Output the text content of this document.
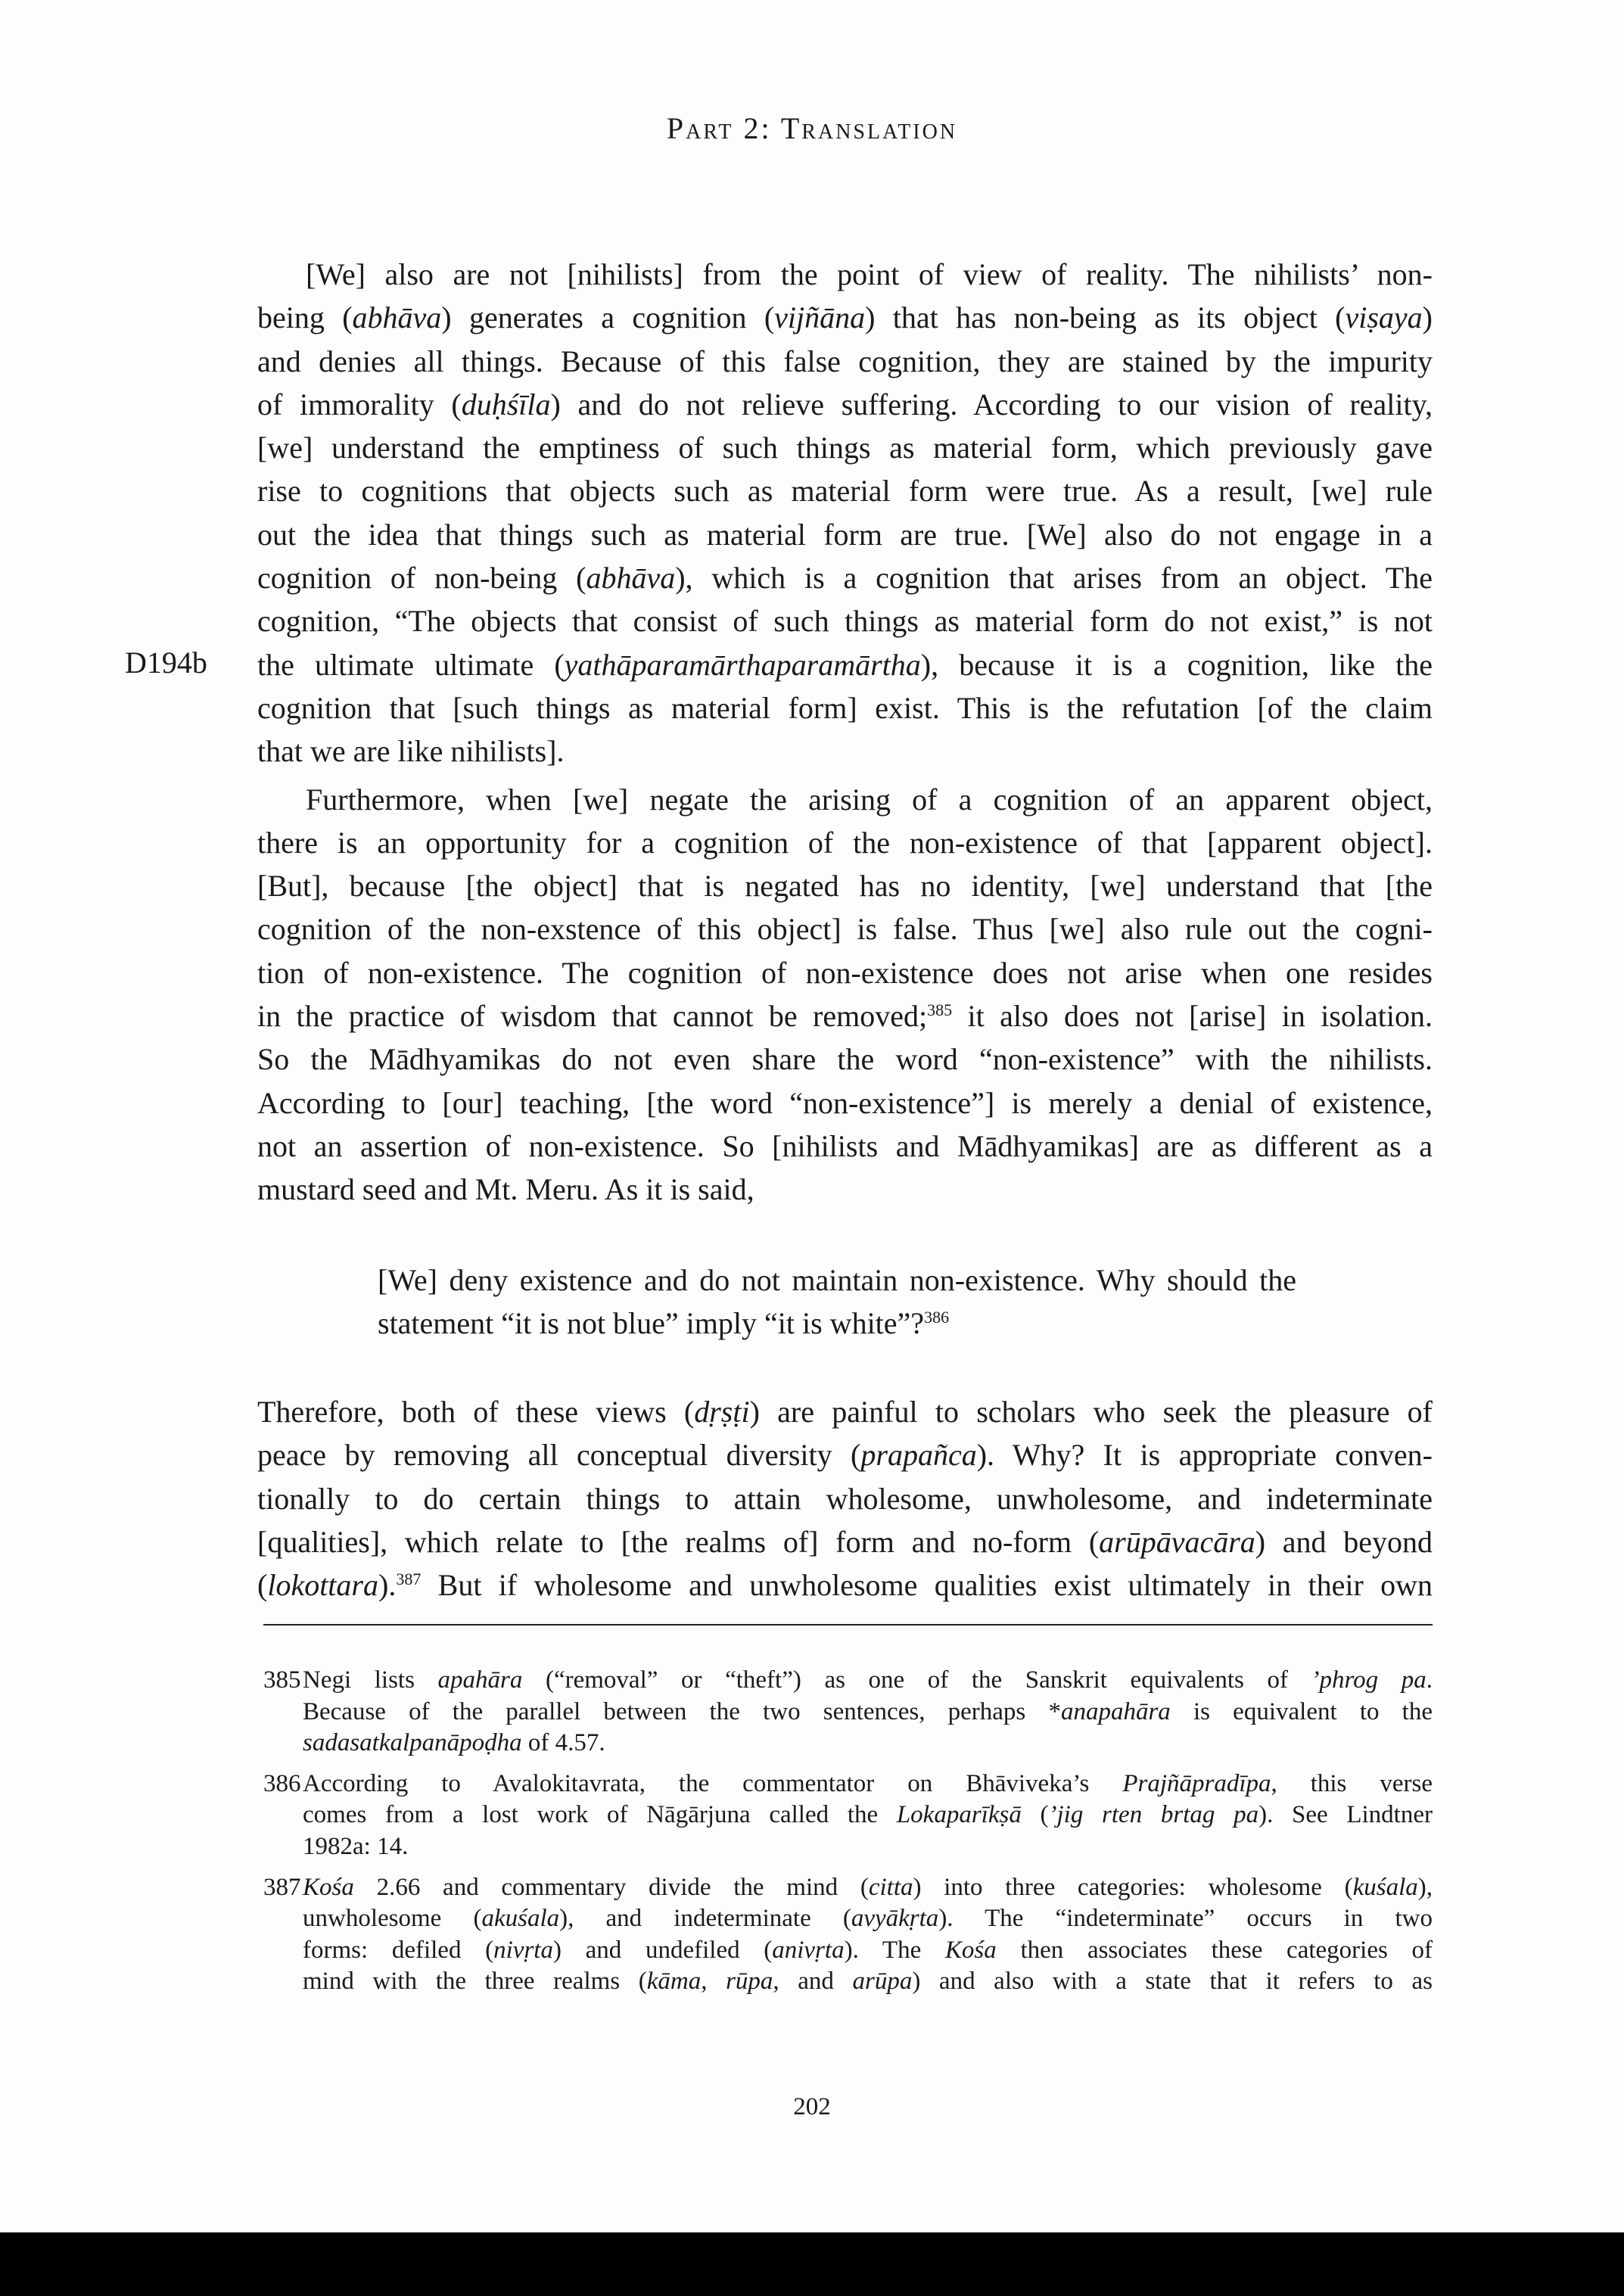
Part 2: Translation
D194b
[We] also are not [nihilists] from the point of view of reality. The nihilists’ non-
being (abhāva) generates a cognition (vijñāna) that has non-being as its object (viṣaya)
and denies all things. Because of this false cognition, they are stained by the impurity
of immorality (duḥśīla) and do not relieve suffering. According to our vision of reality,
[we] understand the emptiness of such things as material form, which previously gave
rise to cognitions that objects such as material form were true. As a result, [we] rule
out the idea that things such as material form are true. [We] also do not engage in a
cognition of non-being (abhāva), which is a cognition that arises from an object. The
cognition, “The objects that consist of such things as material form do not exist,” is not
the ultimate ultimate (yathāparamārthaparamārtha), because it is a cognition, like the
cognition that [such things as material form] exist. This is the refutation [of the claim
that we are like nihilists].
Furthermore, when [we] negate the arising of a cognition of an apparent object,
there is an opportunity for a cognition of the non-existence of that [apparent object].
[But], because [the object] that is negated has no identity, [we] understand that [the
cognition of the non-exstence of this object] is false. Thus [we] also rule out the cogni-
tion of non-existence. The cognition of non-existence does not arise when one resides
in the practice of wisdom that cannot be removed;$^{385}$ it also does not [arise] in isolation.
So the Mādhyamikas do not even share the word “non-existence” with the nihilists.
According to [our] teaching, [the word “non-existence”] is merely a denial of existence,
not an assertion of non-existence. So [nihilists and Mādhyamikas] are as different as a
mustard seed and Mt. Meru. As it is said,
[We] deny existence and do not maintain non-existence. Why should the
statement “it is not blue” imply “it is white”?$^{386}$
Therefore, both of these views (dṛṣṭi) are painful to scholars who seek the pleasure of
peace by removing all conceptual diversity (prapañca). Why? It is appropriate conven-
tionally to do certain things to attain wholesome, unwholesome, and indeterminate
[qualities], which relate to [the realms of] form and no-form (arūpāvacāra) and beyond
(lokottara).$^{387}$ But if wholesome and unwholesome qualities exist ultimately in their own
385 Negi lists apahāra (“removal” or “theft”) as one of the Sanskrit equivalents of ’phrog pa.
Because of the parallel between the two sentences, perhaps *anapahāra is equivalent to the
sadasatkalpanāpoḍha of 4.57.
386 According to Avalokitavrata, the commentator on Bhāviveka’s Prajñāpradīpa, this verse
comes from a lost work of Nāgārjuna called the Lokaparīkṣā (’jig rten brtag pa). See Lindtner
1982a: 14.
387 Kośa 2.66 and commentary divide the mind (citta) into three categories: wholesome (kuśala),
unwholesome (akuśala), and indeterminate (avyākṛta). The “indeterminate” occurs in two
forms: defiled (nivṛta) and undefiled (anivṛta). The Kośa then associates these categories of
mind with the three realms (kāma, rūpa, and arūpa) and also with a state that it refers to as
202
